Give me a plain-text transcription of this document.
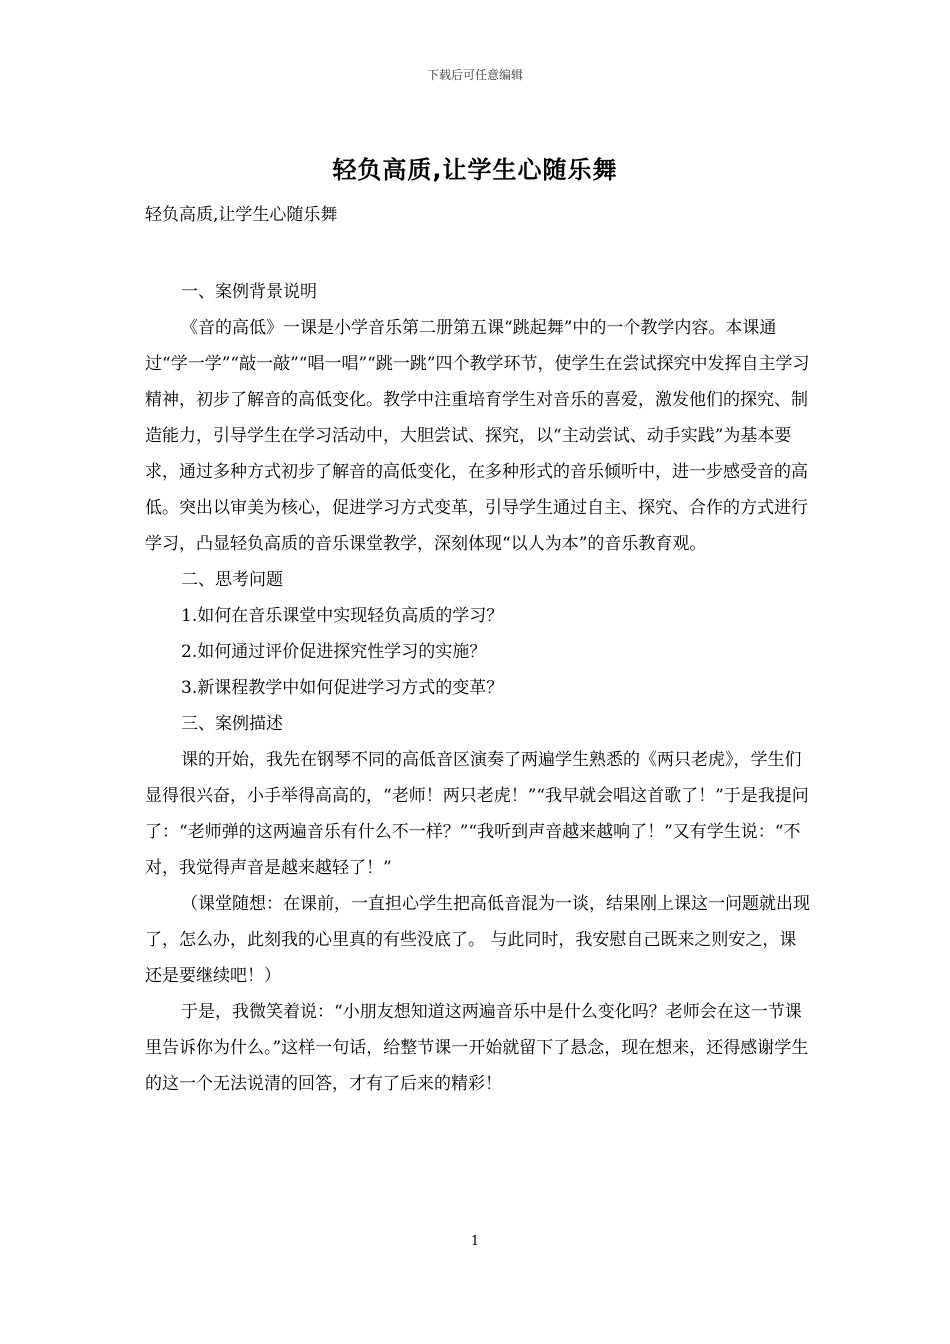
下载后可任意编辑
轻负高质,让学生心随乐舞
轻负高质,让学生心随乐舞

一、案例背景说明

《音的高低》一课是小学音乐第二册第五课“跳起舞”中的一个教学内容。本课通过“学一学”“敲一敲”“唱一唱”“跳一跳”四个教学环节，使学生在尝试探究中发挥自主学习精神，初步了解音的高低变化。教学中注重培育学生对音乐的喜爱，激发他们的探究、制造能力，引导学生在学习活动中，大胆尝试、探究，以“主动尝试、动手实践”为基本要求，通过多种方式初步了解音的高低变化，在多种形式的音乐倾听中，进一步感受音的高低。突出以审美为核心，促进学习方式变革，引导学生通过自主、探究、合作的方式进行学习，凸显轻负高质的音乐课堂教学，深刻体现“以人为本”的音乐教育观。

二、思考问题

1.如何在音乐课堂中实现轻负高质的学习？

2.如何通过评价促进探究性学习的实施？

3.新课程教学中如何促进学习方式的变革？

三、案例描述

课的开始，我先在钢琴不同的高低音区演奏了两遍学生熟悉的《两只老虎》，学生们显得很兴奋，小手举得高高的，“老师！两只老虎！”“我早就会唱这首歌了！”于是我提问了：“老师弹的这两遍音乐有什么不一样？”“我听到声音越来越响了！”又有学生说：“不对，我觉得声音是越来越轻了！”

（课堂随想：在课前，一直担心学生把高低音混为一谈，结果刚上课这一问题就出现了，怎么办，此刻我的心里真的有些没底了。 与此同时，我安慰自己既来之则安之，课还是要继续吧！）

于是，我微笑着说：“小朋友想知道这两遍音乐中是什么变化吗？老师会在这一节课里告诉你为什么。”这样一句话，给整节课一开始就留下了悬念，现在想来，还得感谢学生的这一个无法说清的回答，才有了后来的精彩！

1
